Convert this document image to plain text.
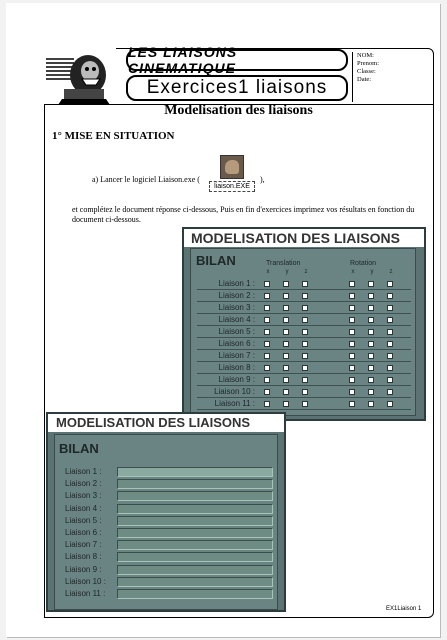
LES LIAISONS CINEMATIQUE
Exercices1 liaisons
NOM:
Prenom:
Classe:
Date:
Modelisation des liaisons
1° MISE EN SITUATION
a) Lancer le logiciel Liaison.exe (
liaison.EXE
),
et complétez le document réponse ci-dessous, Puis en fin d'exercices imprimez vos résultats en fonction du document ci-dessous.
MODELISATION DES LIAISONS
BILAN	Translation	Rotation
x	y	z	x	y	z
Liaison 1 :
Liaison 2 :
Liaison 3 :
Liaison 4 :
Liaison 5 :
Liaison 6 :
Liaison 7 :
Liaison 8 :
Liaison 9 :
Liaison 10 :
Liaison 11 :
MODELISATION DES LIAISONS
BILAN
Liaison 1 :
Liaison 2 :
Liaison 3 :
Liaison 4 :
Liaison 5 :
Liaison 6 :
Liaison 7 :
Liaison 8 :
Liaison 9 :
Liaison 10 :
Liaison 11 :
EX1Liaison 1
